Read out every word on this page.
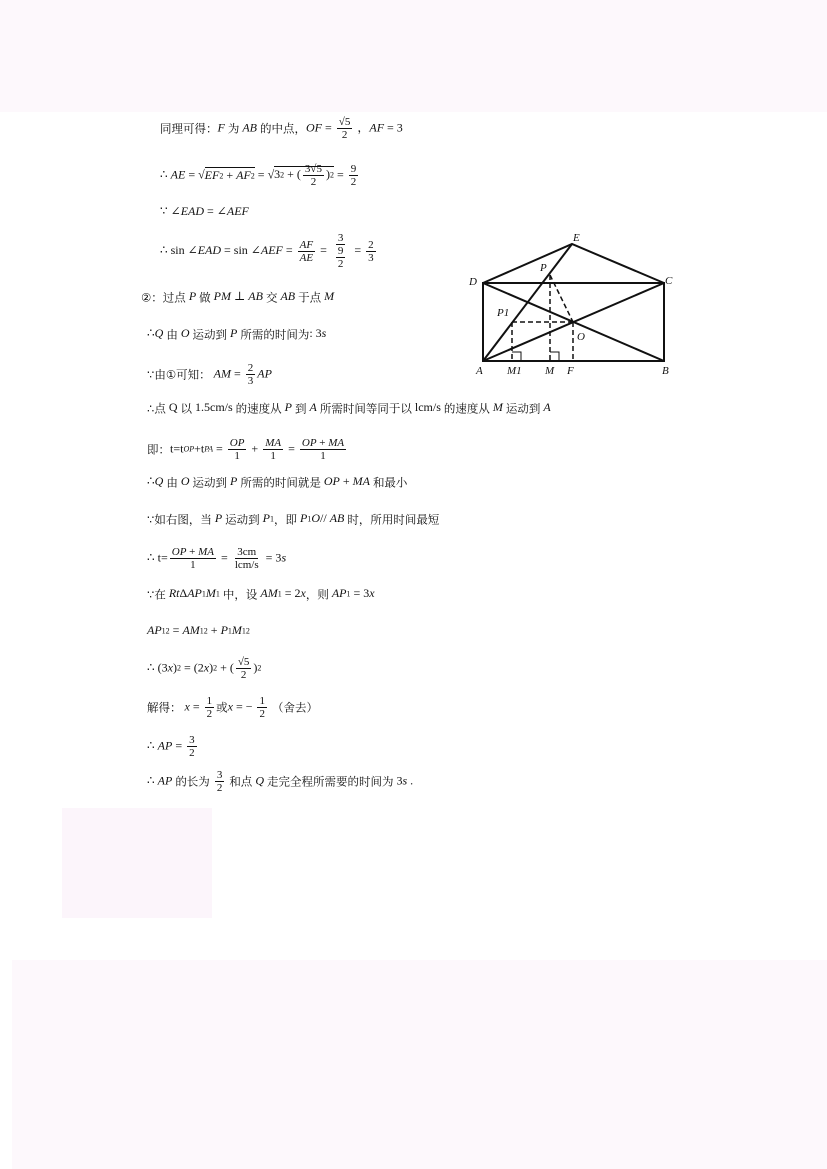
同理可得：F 为 AB 的中点，OF = $\frac{√5}{2}$ ，AF = 3
∴ AE = √EF2 + AF2 = √32 + ( $\frac{3√5}{2} )2 = \frac{9}{2}$
∵ ∠EAD = ∠AEF
∴ sin ∠EAD = sin ∠AEF = $\frac{AF}{AE} = \frac{3}{\frac{9}{2}} = \frac{2}{3}$
②：过点 P 做 PM ⊥ AB 交 AB 于点 M
∴Q 由 O 运动到 P 所需的时间为: 3s
∵由①可知： AM = $\frac{2}{3}$ AP
∴点 Q 以 1.5cm/s 的速度从 P 到 A 所需时间等同于以 lcm/s 的速度从 M 运动到 A
即：$t=tOP+tPA = \frac{OP}{1} + \frac{MA}{1} = \frac{OP + MA}{1}$
∴Q 由 O 运动到 P 所需的时间就是 OP + MA 和最小
∵如右图，当 P 运动到 P1，即 P1O// AB 时，所用时间最短
∴ $t= \frac{OP + MA}{1} = \frac{3cm}{\text{lcm/s}} = 3s$
∵在 RtΔAP1M1 中，设 AM1 = 2x，则 AP1 = 3x
AP12 = AM12 + P1M12
∴ (3x)2 = (2x)2 + ( $\frac{√5}{2} )2$
解得： $x = \frac{1}{2}$ 或x = − $\frac{1}{2}$ （舍去）
∴ AP = $\frac{3}{2}$
∴ AP 的长为 $\frac{3}{2}$ 和点 Q 走完全程所需要的时间为 3s .
E
P
D	C
P1
O
A M1 M F	B
